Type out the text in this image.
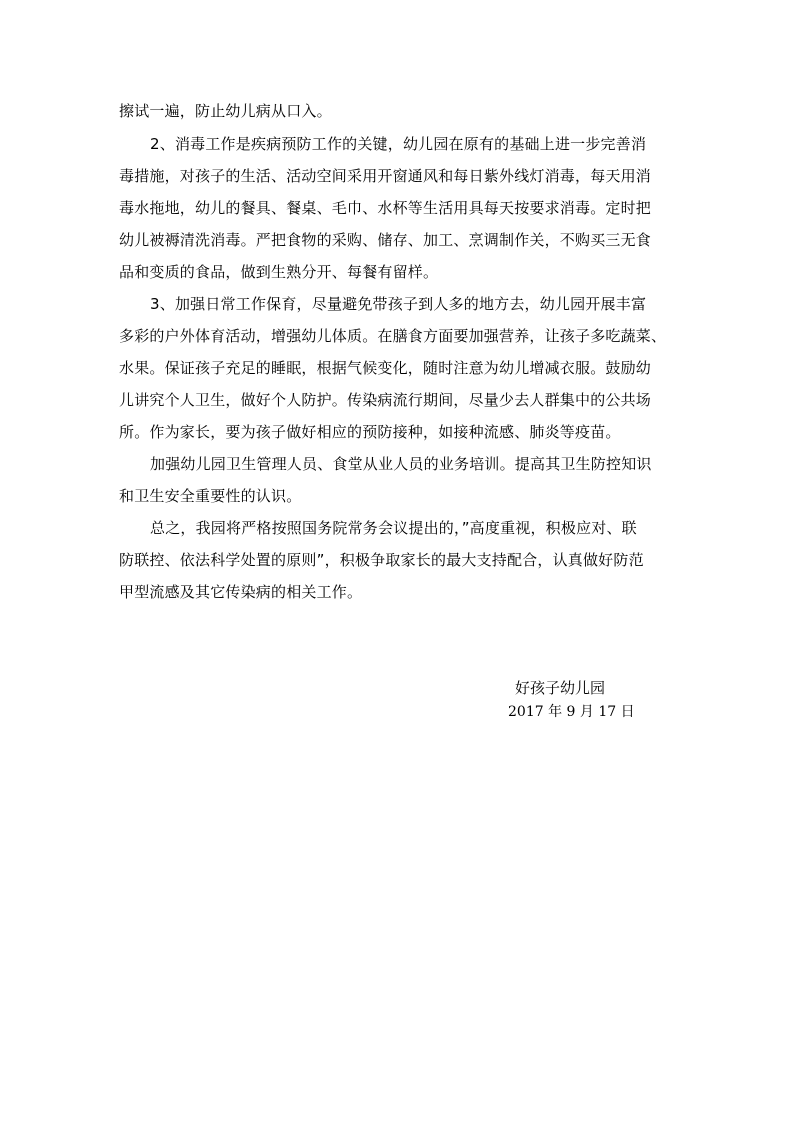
擦试一遍，防止幼儿病从口入。
2、消毒工作是疾病预防工作的关键，幼儿园在原有的基础上进一步完善消
毒措施，对孩子的生活、活动空间采用开窗通风和每日紫外线灯消毒，每天用消
毒水拖地，幼儿的餐具、餐桌、毛巾、水杯等生活用具每天按要求消毒。定时把
幼儿被褥清洗消毒。严把食物的采购、储存、加工、烹调制作关，不购买三无食
品和变质的食品，做到生熟分开、每餐有留样。
3、加强日常工作保育，尽量避免带孩子到人多的地方去，幼儿园开展丰富
多彩的户外体育活动，增强幼儿体质。在膳食方面要加强营养，让孩子多吃蔬菜、
水果。保证孩子充足的睡眠，根据气候变化，随时注意为幼儿增减衣服。鼓励幼
儿讲究个人卫生，做好个人防护。传染病流行期间，尽量少去人群集中的公共场
所。作为家长，要为孩子做好相应的预防接种，如接种流感、肺炎等疫苗。
加强幼儿园卫生管理人员、食堂从业人员的业务培训。提高其卫生防控知识
和卫生安全重要性的认识。
总之，我园将严格按照国务院常务会议提出的，”高度重视，积极应对、联
防联控、依法科学处置的原则”，积极争取家长的最大支持配合，认真做好防范
甲型流感及其它传染病的相关工作。
好孩子幼儿园
2017 年 9 月 17 日
